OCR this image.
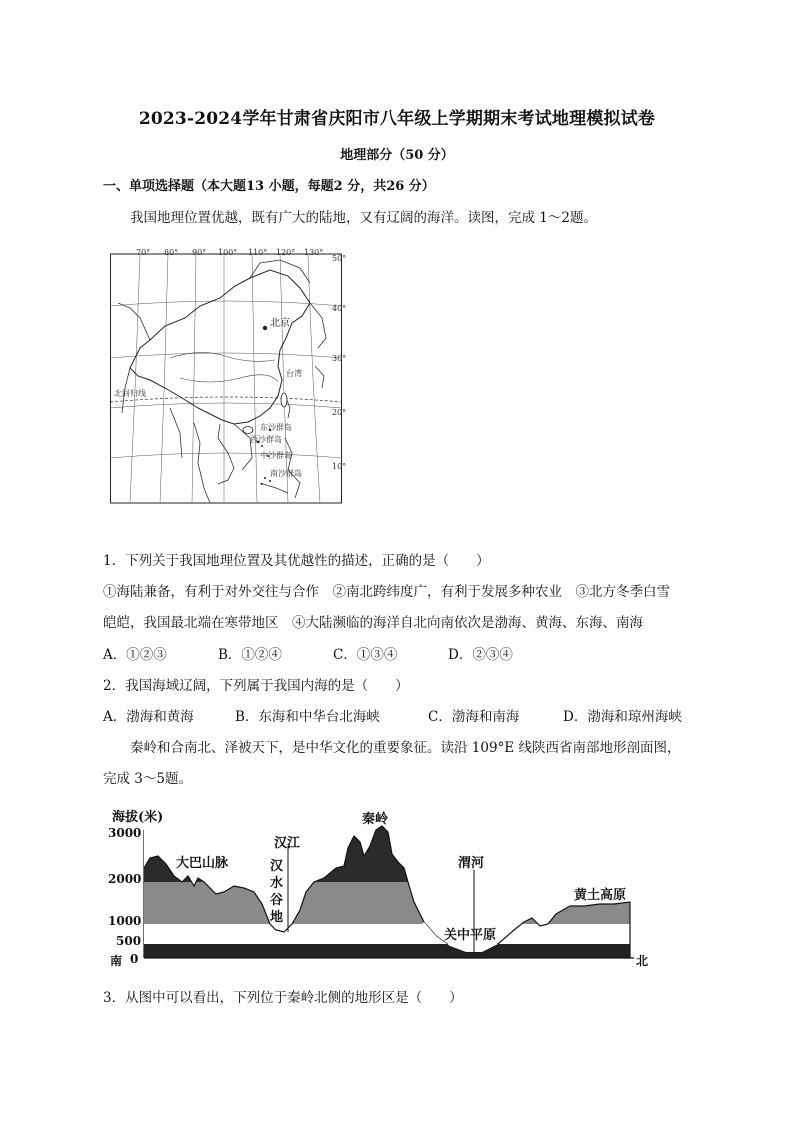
2023-2024学年甘肃省庆阳市八年级上学期期末考试地理模拟试卷
地理部分（50 分）
一、单项选择题（本大题13 小题，每题2 分，共26 分）
我国地理位置优越，既有广大的陆地，又有辽阔的海洋。读图，完成 1～2题。
70° 80° 90° 100° 110° 120° 130°
50°
40°
30°
20°
10°
北京
北回归线
台湾
东沙群岛
西沙群岛
中沙群岛
南沙群岛
1．下列关于我国地理位置及其优越性的描述，正确的是（　　）
①海陆兼备，有利于对外交往与合作　②南北跨纬度广，有利于发展多种农业　③北方冬季白雪
皑皑，我国最北端在寒带地区　④大陆濒临的海洋自北向南依次是渤海、黄海、东海、南海
A．①②③	B．①②④	C．①③④	D．②③④
2．我国海域辽阔，下列属于我国内海的是（　　）
A．渤海和黄海	B．东海和中华台北海峡	C．渤海和南海	D．渤海和琼州海峡
秦岭和合南北、泽被天下，是中华文化的重要象征。读沿 109°E 线陕西省南部地形剖面图，
完成 3～5题。
海拔(米)
3000
2000
1000
500
南 0	北
大巴山脉
汉江
汉
水
谷
地
秦岭
渭河
关中平原
黄土高原
3．从图中可以看出，下列位于秦岭北侧的地形区是（　　）
